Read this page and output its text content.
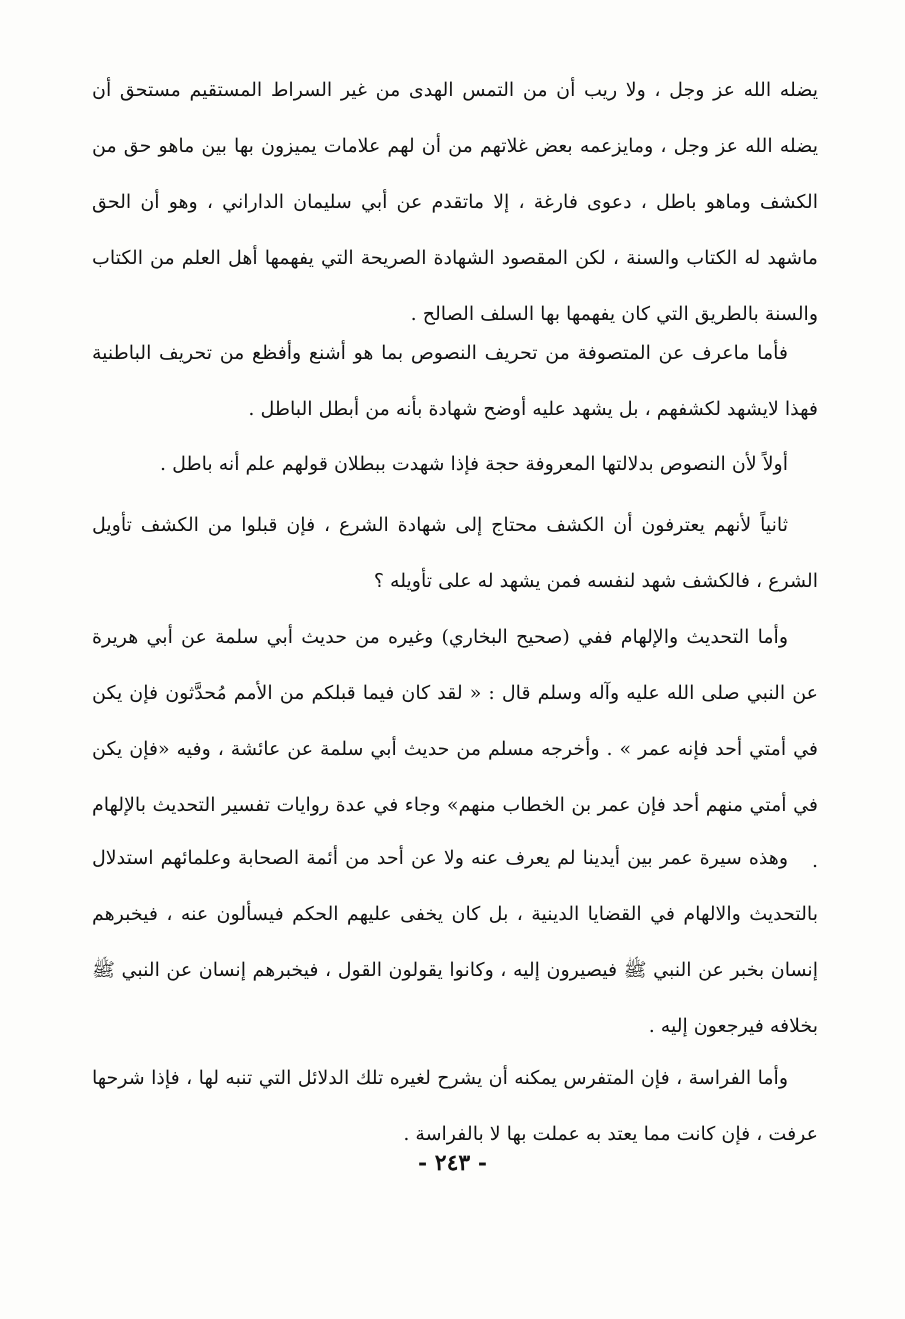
يضله الله عز وجل ، ولا ريب أن من التمس الهدى من غير السراط المستقيم مستحق أن يضله الله عز وجل ، ومايزعمه بعض غلاتهم من أن لهم علامات يميزون بها بين ماهو حق من الكشف وماهو باطل ، دعوى فارغة ، إلا ماتقدم عن أبي سليمان الداراني ، وهو أن الحق ماشهد له الكتاب والسنة ، لكن المقصود الشهادة الصريحة التي يفهمها أهل العلم من الكتاب والسنة بالطريق التي كان يفهمها بها السلف الصالح .

فأما ماعرف عن المتصوفة من تحريف النصوص بما هو أشنع وأفظع من تحريف الباطنية فهذا لايشهد لكشفهم ، بل يشهد عليه أوضح شهادة بأنه من أبطل الباطل .

أولاً لأن النصوص بدلالتها المعروفة حجة فإذا شهدت ببطلان قولهم علم أنه باطل .

ثانياً لأنهم يعترفون أن الكشف محتاج إلى شهادة الشرع ، فإن قبلوا من الكشف تأويل الشرع ، فالكشف شهد لنفسه فمن يشهد له على تأويله ؟

وأما التحديث والإلهام ففي (صحيح البخاري) وغيره من حديث أبي سلمة عن أبي هريرة عن النبي صلى الله عليه وآله وسلم قال : « لقد كان فيما قبلكم من الأمم مُحدَّثون فإن يكن في أمتي أحد فإنه عمر » . وأخرجه مسلم من حديث أبي سلمة عن عائشة ، وفيه «فإن يكن في أمتي منهم أحد فإن عمر بن الخطاب منهم» وجاء في عدة روايات تفسير التحديث بالإلهام .

وهذه سيرة عمر بين أيدينا لم يعرف عنه ولا عن أحد من أئمة الصحابة وعلمائهم استدلال بالتحديث والالهام في القضايا الدينية ، بل كان يخفى عليهم الحكم فيسألون عنه ، فيخبرهم إنسان بخبر عن النبي ﷺ فيصيرون إليه ، وكانوا يقولون القول ، فيخبرهم إنسان عن النبي ﷺ بخلافه فيرجعون إليه .

وأما الفراسة ، فإن المتفرس يمكنه أن يشرح لغيره تلك الدلائل التي تنبه لها ، فإذا شرحها عرفت ، فإن كانت مما يعتد به عملت بها لا بالفراسة .

- ٢٤٣ -
